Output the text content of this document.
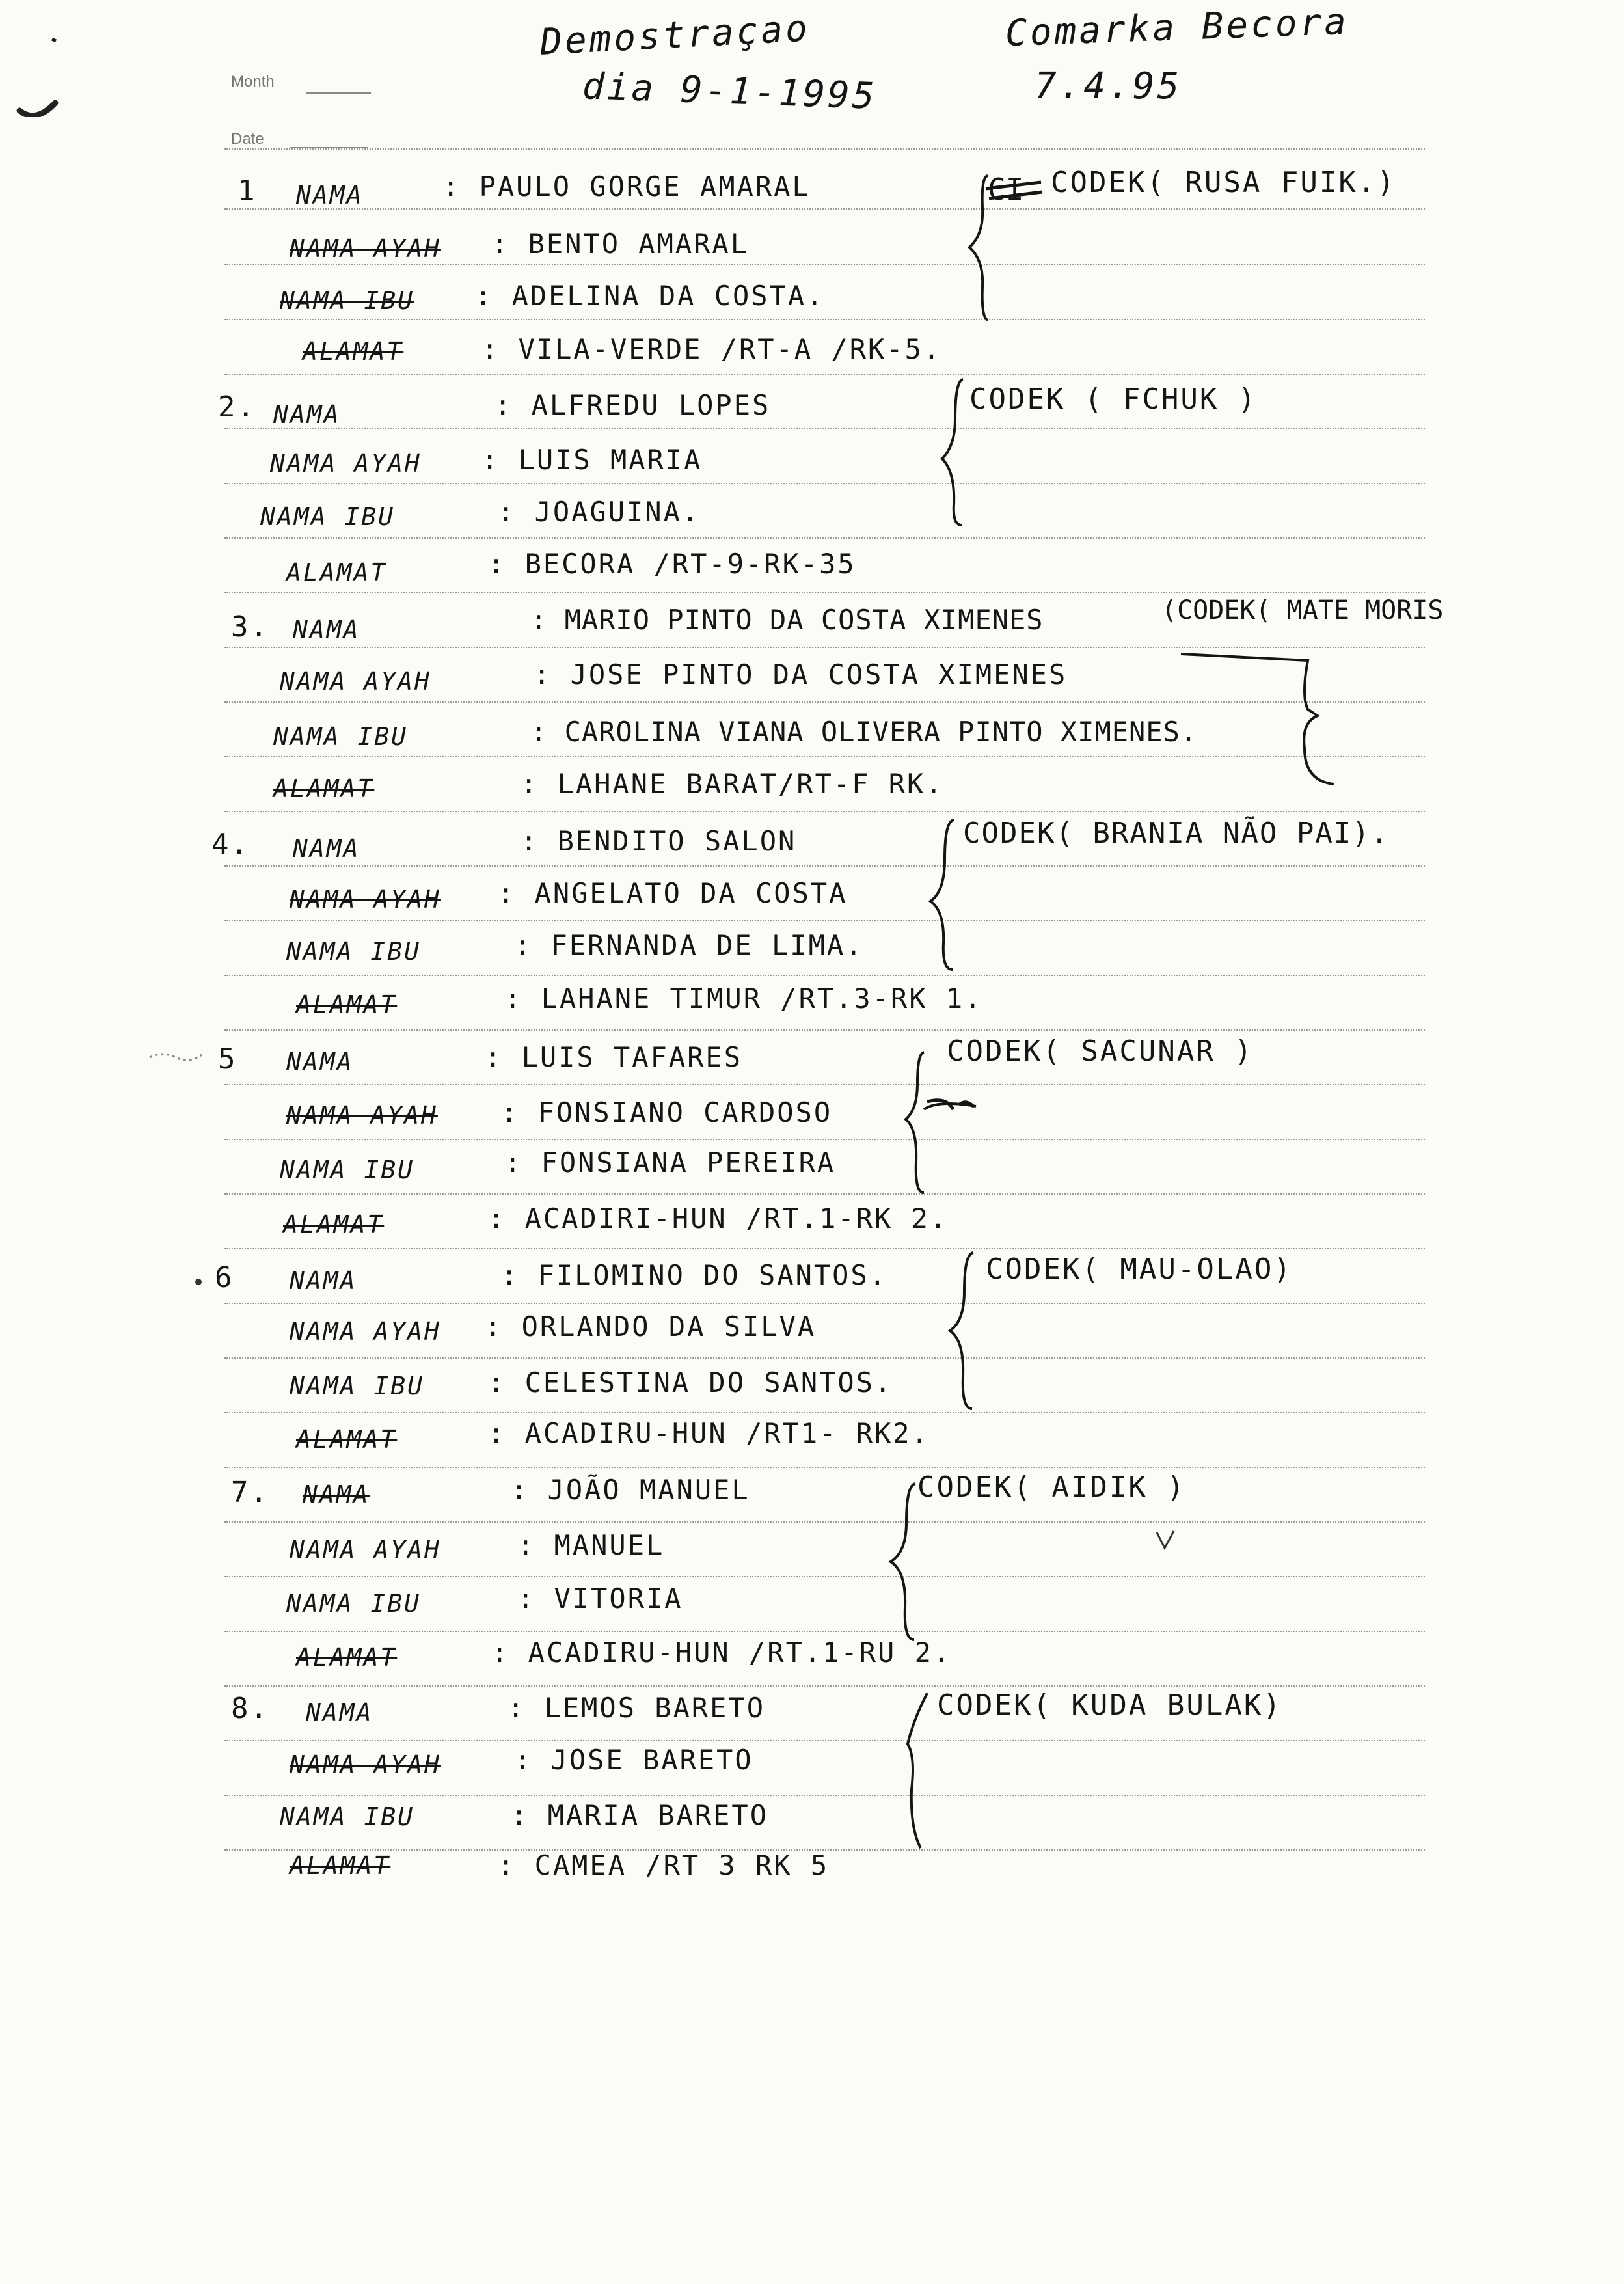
Month
Date
Demostraçao
dia 9-1-1995
Comarka Becora
7.4.95
1 NAMA	: PAULO GORGE AMARAL
NAMA AYAH : BENTO AMARAL
NAMA IBU : ADELINA DA COSTA.
ALAMAT	: VILA-VERDE /RT-A /RK-5.
CODEK( RUSA FUIK.)
CI
2. NAMA	: ALFREDU LOPES
NAMA AYAH : LUIS MARIA
NAMA IBU	: JOAGUINA.
ALAMAT	: BECORA /RT-9-RK-35
CODEK ( FCHUK )
3. NAMA	: MARIO PINTO DA COSTA XIMENES
NAMA AYAH	: JOSE PINTO DA COSTA XIMENES
NAMA IBU	: CAROLINA VIANA OLIVERA PINTO XIMENES.
ALAMAT	: LAHANE BARAT/RT-F RK.
(CODEK( MATE MORIS
4. NAMA	: BENDITO SALON
NAMA AYAH : ANGELATO DA COSTA
NAMA IBU	: FERNANDA DE LIMA.
ALAMAT	: LAHANE TIMUR /RT.3-RK 1.
CODEK( BRANIA NÃO PAI).
5 NAMA	: LUIS TAFARES
NAMA AYAH : FONSIANO CARDOSO
NAMA IBU	: FONSIANA PEREIRA
ALAMAT	: ACADIRI-HUN /RT.1-RK 2.
CODEK( SACUNAR )
6 NAMA	: FILOMINO DO SANTOS.
NAMA AYAH : ORLANDO DA SILVA
NAMA IBU : CELESTINA DO SANTOS.
ALAMAT	: ACADIRU-HUN /RT1- RK2.
CODEK( MAU-OLAO)
7. NAMA	: JOÃO MANUEL
NAMA AYAH	: MANUEL
NAMA IBU	: VITORIA
ALAMAT	: ACADIRU-HUN /RT.1-RU 2.
CODEK( AIDIK )
8. NAMA	: LEMOS BARETO
NAMA AYAH	: JOSE BARETO
NAMA IBU	: MARIA BARETO
ALAMAT	: CAMEA /RT 3 RK 5
CODEK( KUDA BULAK)
